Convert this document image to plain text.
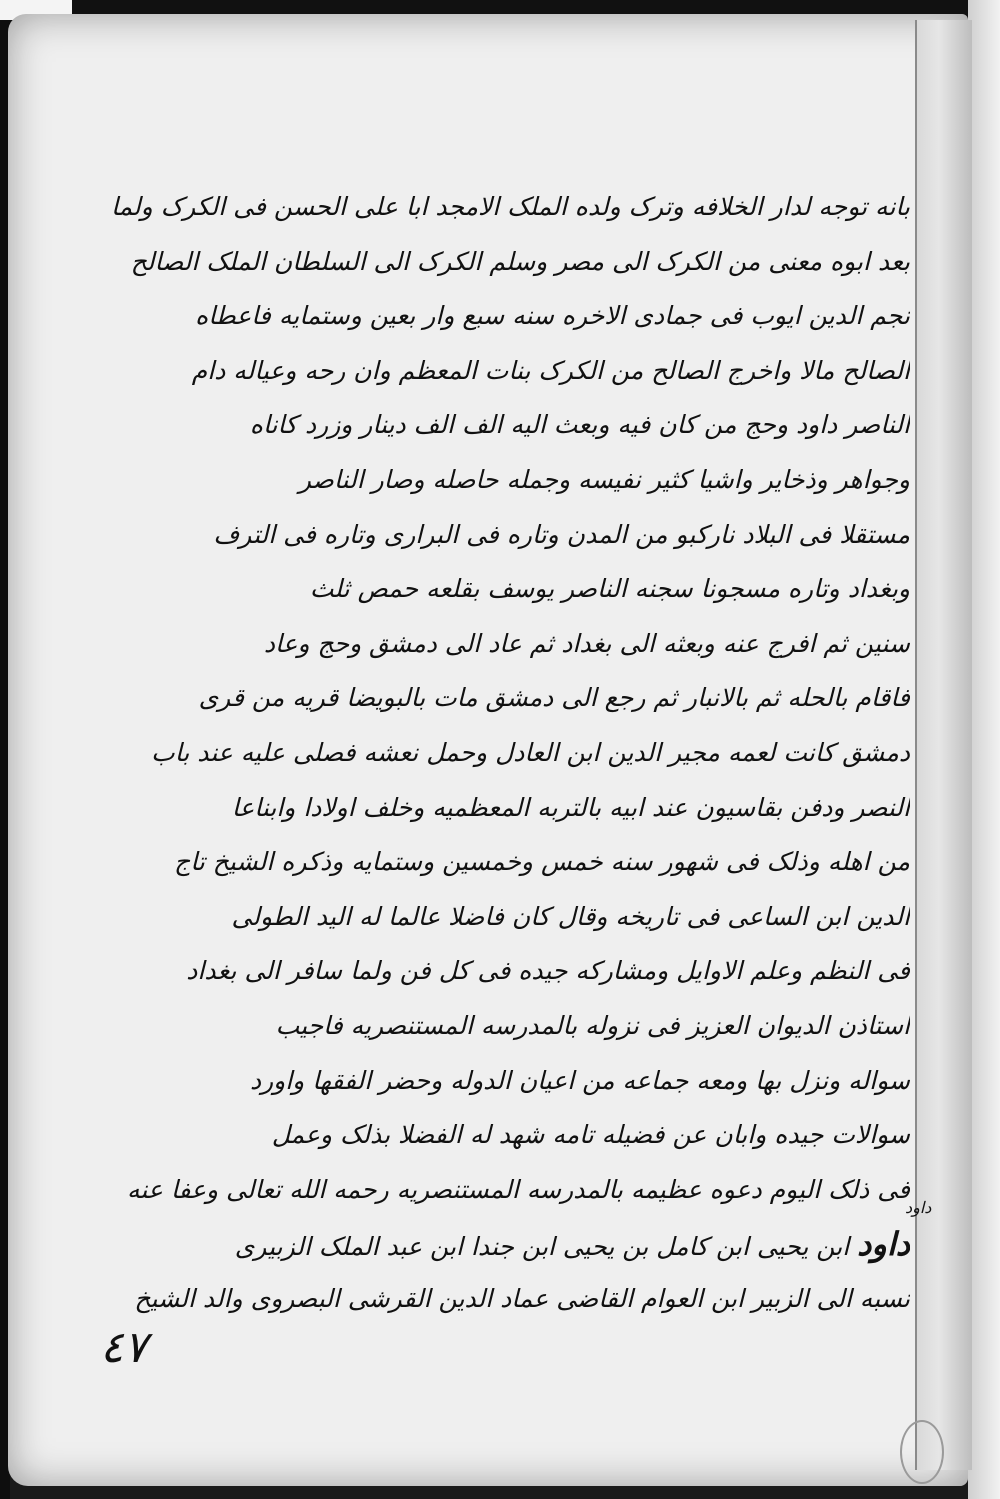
بانه توجه لدار الخلافه وترک ولده الملک الامجد ابا علی الحسن فی الکرک ولما
بعد ابوه معنی من الکرک الی مصر وسلم الکرک الی السلطان الملک الصالح
نجم الدین ایوب فی جمادی الاخره سنه سبع وار بعین وستمایه فاعطاه
الصالح مالا واخرج الصالح من الکرک بنات المعظم وان رحه وعیاله دام
الناصر داود وحج من کان فیه وبعث الیه الف الف دینار وزرد کاناه
وجواهر وذخایر واشیا کثیر نفیسه وجمله حاصله وصار الناصر
مستقلا فی البلاد نارکبو من المدن وتاره فی البراری وتاره فی الترف
وبغداد وتاره مسجونا سجنه الناصر یوسف بقلعه حمص ثلث
سنین ثم افرج عنه وبعثه الی بغداد ثم عاد الی دمشق وحج وعاد
فاقام بالحله ثم بالانبار ثم رجع الی دمشق مات بالبویضا قریه من قری
دمشق کانت لعمه مجیر الدین ابن العادل وحمل نعشه فصلی علیه عند باب
النصر ودفن بقاسیون عند ابیه بالتربه المعظمیه وخلف اولادا وابناعا
من اهله وذلک فی شهور سنه خمس وخمسین وستمایه وذکره الشیخ تاج
الدین ابن الساعی فی تاریخه وقال کان فاضلا عالما له الید الطولی
فی النظم وعلم الاوایل ومشارکه جیده فی کل فن ولما سافر الی بغداد
استاذن الدیوان العزیز فی نزوله بالمدرسه المستنصریه فاجیب
سواله ونزل بها ومعه جماعه من اعیان الدوله وحضر الفقها واورد
سوالات جیده وابان عن فضیله تامه شهد له الفضلا بذلک وعمل
فی ذلک الیوم دعوه عظیمه بالمدرسه المستنصریه رحمه الله تعالی وعفا عنه
داود ابن یحیی ابن کامل بن یحیی ابن جندا ابن عبد الملک الزبیری
نسبه الی الزبیر ابن العوام القاضی عماد الدین القرشی البصروی والد الشیخ
داود
٤٧
